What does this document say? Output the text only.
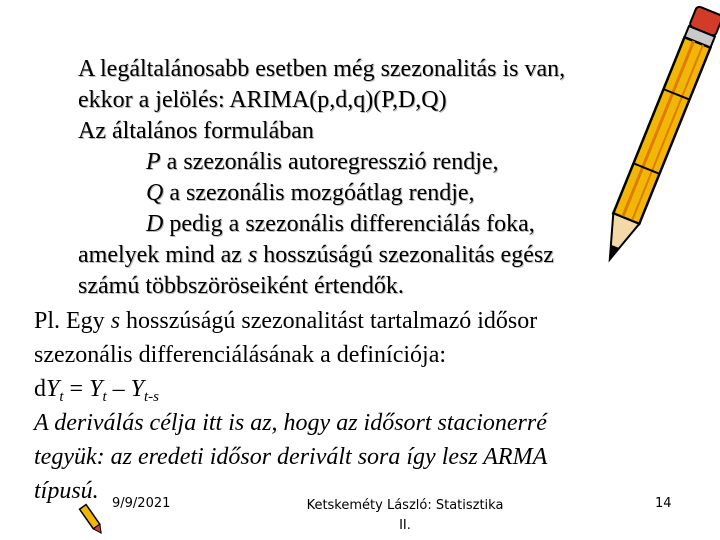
A legáltalánosabb esetben még szezonalitás is van,
ekkor a jelölés: ARIMA(p,d,q)(P,D,Q)
Az általános formulában
P a szezonális autoregresszió rendje,
Q a szezonális mozgóátlag rendje,
D pedig a szezonális differenciálás foka,
amelyek mind az s hosszúságú szezonalitás egész
számú többszöröseiként értendők.
Pl. Egy s hosszúságú szezonalitást tartalmazó idősor
szezonális differenciálásának a definíciója:
$dY_t = Y_t - Y_{t-s}$
A deriválás célja itt is az, hogy az idősort stacionerré
tegyük: az eredeti idősor derivált sora így lesz ARMA
típusú.	9/9/2021	Ketskeméty László: Statisztika
II.
14
